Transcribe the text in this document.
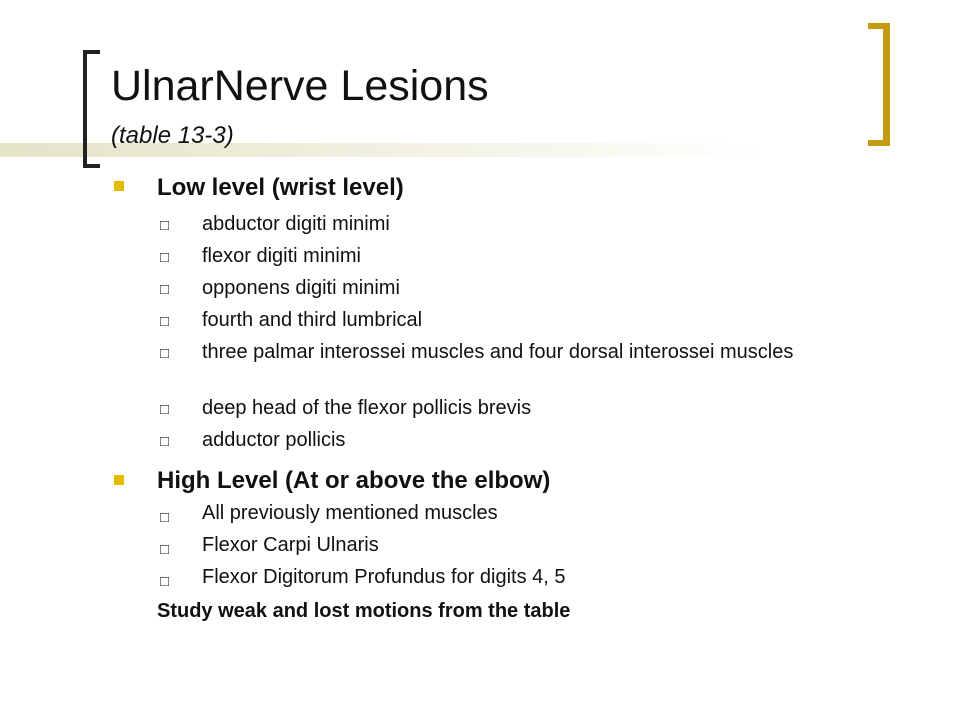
UlnarNerve Lesions
(table 13-3)
Low level (wrist level)
□ abductor digiti minimi
□ flexor digiti minimi
□ opponens digiti minimi
□ fourth and third lumbrical
□ three palmar interossei muscles and four dorsal interossei muscles
□ deep head of the flexor pollicis brevis
□ adductor pollicis
High Level (At or above the elbow)
□ All previously mentioned muscles
□ Flexor Carpi Ulnaris
□ Flexor Digitorum Profundus for digits 4, 5
Study weak and lost motions from the table
